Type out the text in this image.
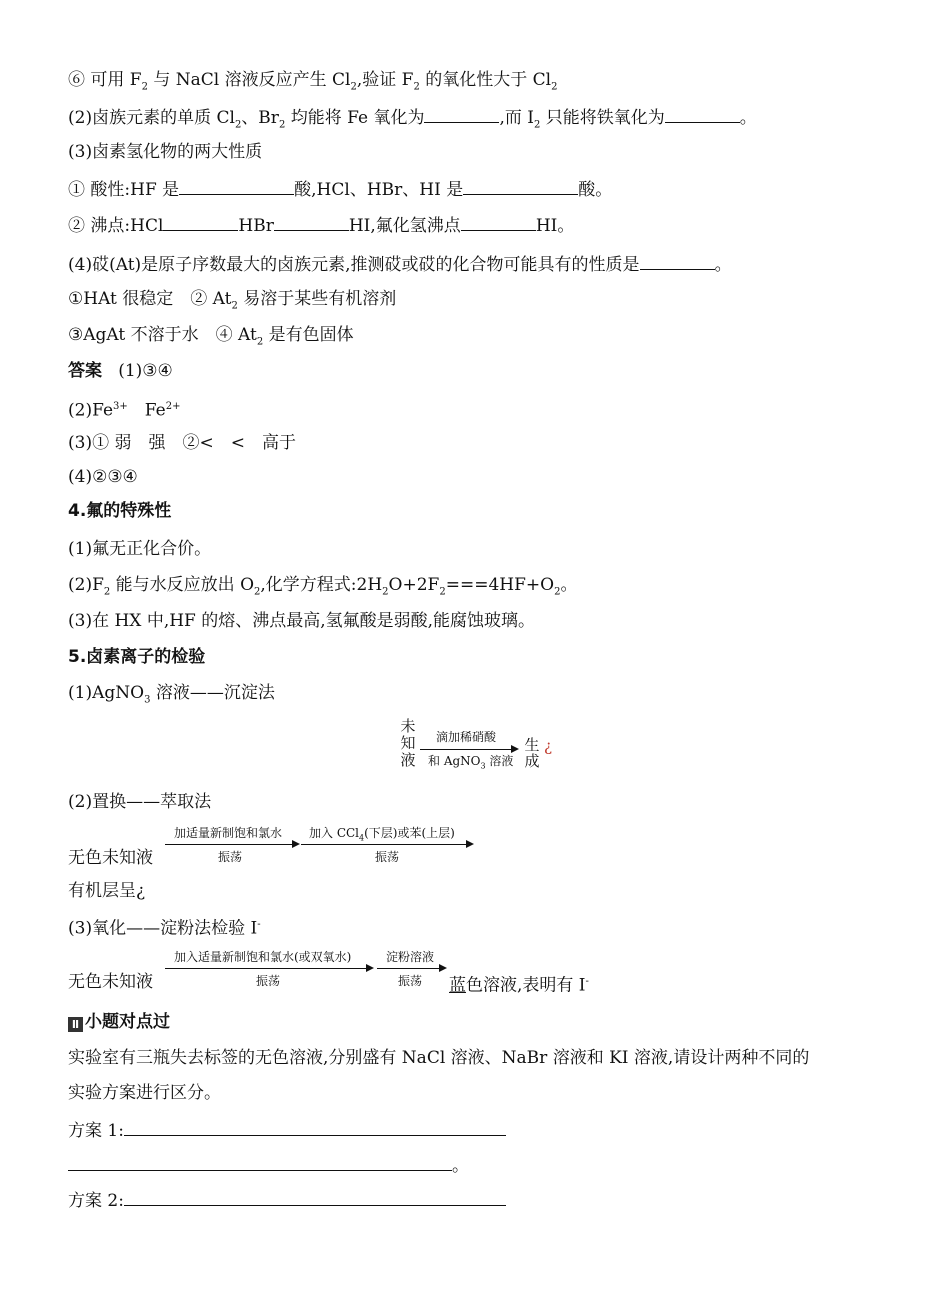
⑥ 可用 $F_2$ 与 NaCl 溶液反应产生 $Cl_2$,验证 $F_2$ 的氧化性大于 $Cl_2$
(2)卤族元素的单质 $Cl_2$、$Br_2$ 均能将 Fe 氧化为	,而 $I_2$ 只能将铁氧化为	。
(3)卤素氢化物的两大性质
① 酸性:HF 是	酸,HCl、HBr、HI 是	酸。
② 沸点:HCl	HBr	HI,氟化氢沸点	HI。
(4)砹(At)是原子序数最大的卤族元素,推测砹或砹的化合物可能具有的性质是	。
①HAt 很稳定　② $At_2$ 易溶于某些有机溶剂
③AgAt 不溶于水　④ $At_2$ 是有色固体
答案 (1)③④
$(2)Fe^{3+}$　$Fe^{2+}$
(3)① 弱　强　②<　<　高于
(4)②③④
4.氟的特殊性
(1)氟无正化合价。
$(2)F_2$ 能与水反应放出 $O_2$,化学方程式$:2H_2O+2F_2===4HF+O_2$。
(3)在 HX 中,HF 的熔、沸点最高,氢氟酸是弱酸,能腐蚀玻璃。
5.卤素离子的检验
(1)AgNO$_3$ 溶液——沉淀法
未
知
液
滴加稀硝酸
和 AgNO$_3$ 溶液
生
成
¿
(2)置换——萃取法
加适量新制饱和氯水
振荡
加入 CCl$_4$(下层)或苯(上层)
振荡
无色未知液
有机层呈¿
(3)氧化——淀粉法检验 I-
加入适量新制饱和氯水(或双氧水)
振荡
淀粉溶液
振荡
无色未知液	蓝色溶液,表明有 I-
Ⅱ 小题对点过
实验室有三瓶失去标签的无色溶液,分别盛有 NaCl 溶液、NaBr 溶液和 KI 溶液,请设计两种不同的
实验方案进行区分。
方案 1:
。
方案 2:
